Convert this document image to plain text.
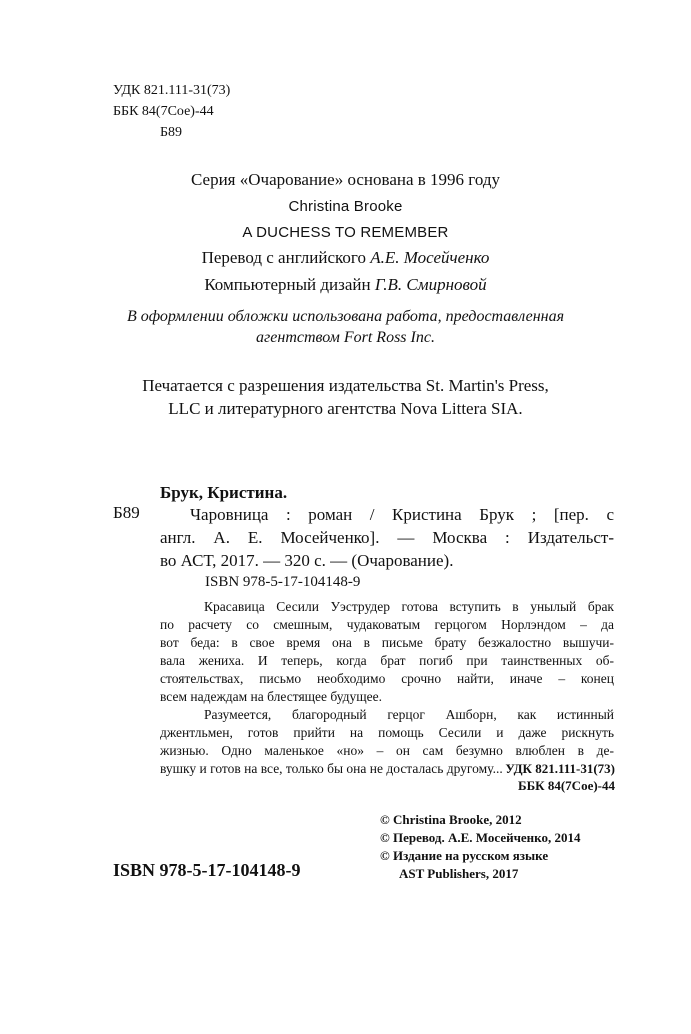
УДК 821.111-31(73)
ББК 84(7Сое)-44
Б89
Серия «Очарование» основана в 1996 году
Christina Brooke
A DUCHESS TO REMEMBER
Перевод с английского А.Е. Мосейченко
Компьютерный дизайн Г.В. Смирновой
В оформлении обложки использована работа, предоставленная
агентством Fort Ross Inc.
Печатается с разрешения издательства St. Martin's Press,
LLC и литературного агентства Nova Littera SIA.
Брук, Кристина.
Б89	Чаровница : роман / Кристина Брук ; [пер. с
англ. А. Е. Мосейченко]. — Москва : Издательст-
во АСТ, 2017. — 320 с. — (Очарование).
ISBN 978-5-17-104148-9
Красавица Сесили Уэструдер готова вступить в унылый брак
по расчету со смешным, чудаковатым герцогом Норлэндом – да
вот беда: в свое время она в письме брату безжалостно вышучи-
вала жениха. И теперь, когда брат погиб при таинственных об-
стоятельствах, письмо необходимо срочно найти, иначе – конец
всем надеждам на блестящее будущее.
Разумеется, благородный герцог Ашборн, как истинный
джентльмен, готов прийти на помощь Сесили и даже рискнуть
жизнью. Одно маленькое «но» – он сам безумно влюблен в де-
вушку и готов на все, только бы она не досталась другому... УДК 821.111-31(73)
ББК 84(7Сое)-44
© Christina Brooke, 2012
© Перевод. А.Е. Мосейченко, 2014
© Издание на русском языке
AST Publishers, 2017
ISBN 978-5-17-104148-9
